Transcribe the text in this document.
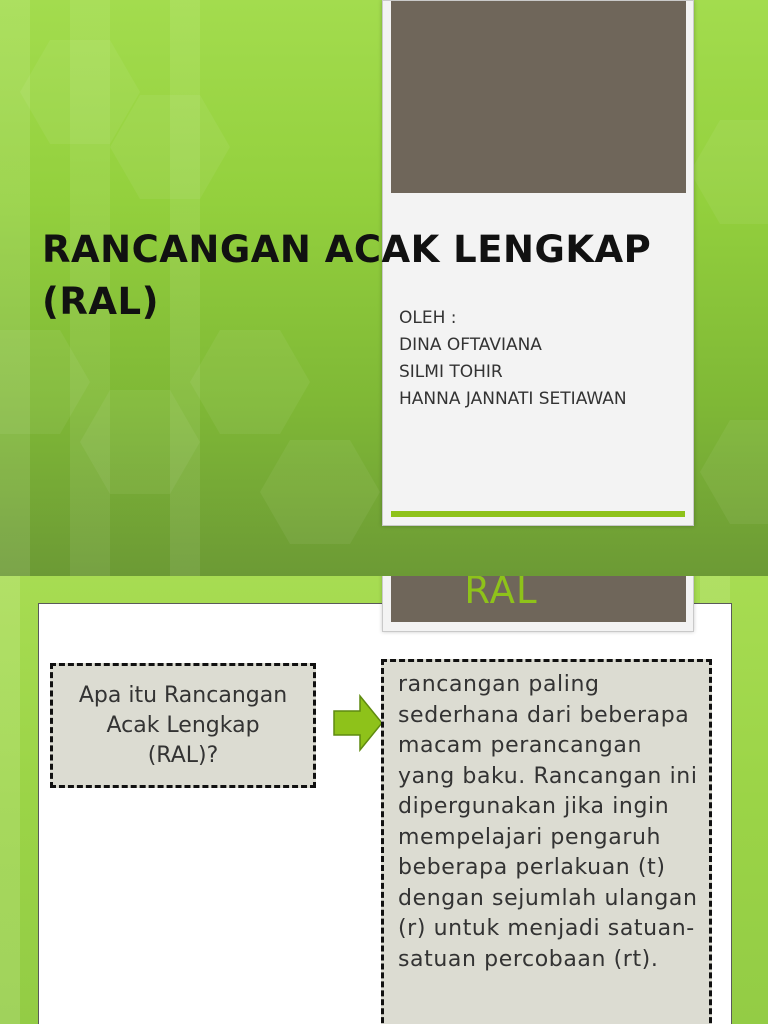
RANCANGAN ACAK LENGKAP (RAL)	OLEH :
DINA OFTAVIANA
SILMI TOHIR
HANNA JANNATI SETIAWAN
RAL
Apa itu Rancangan Acak Lengkap (RAL)?
rancangan paling sederhana dari beberapa macam perancangan yang baku. Rancangan ini dipergunakan jika ingin mempelajari pengaruh beberapa perlakuan (t) dengan sejumlah ulangan (r) untuk menjadi satuan-satuan percobaan (rt).
